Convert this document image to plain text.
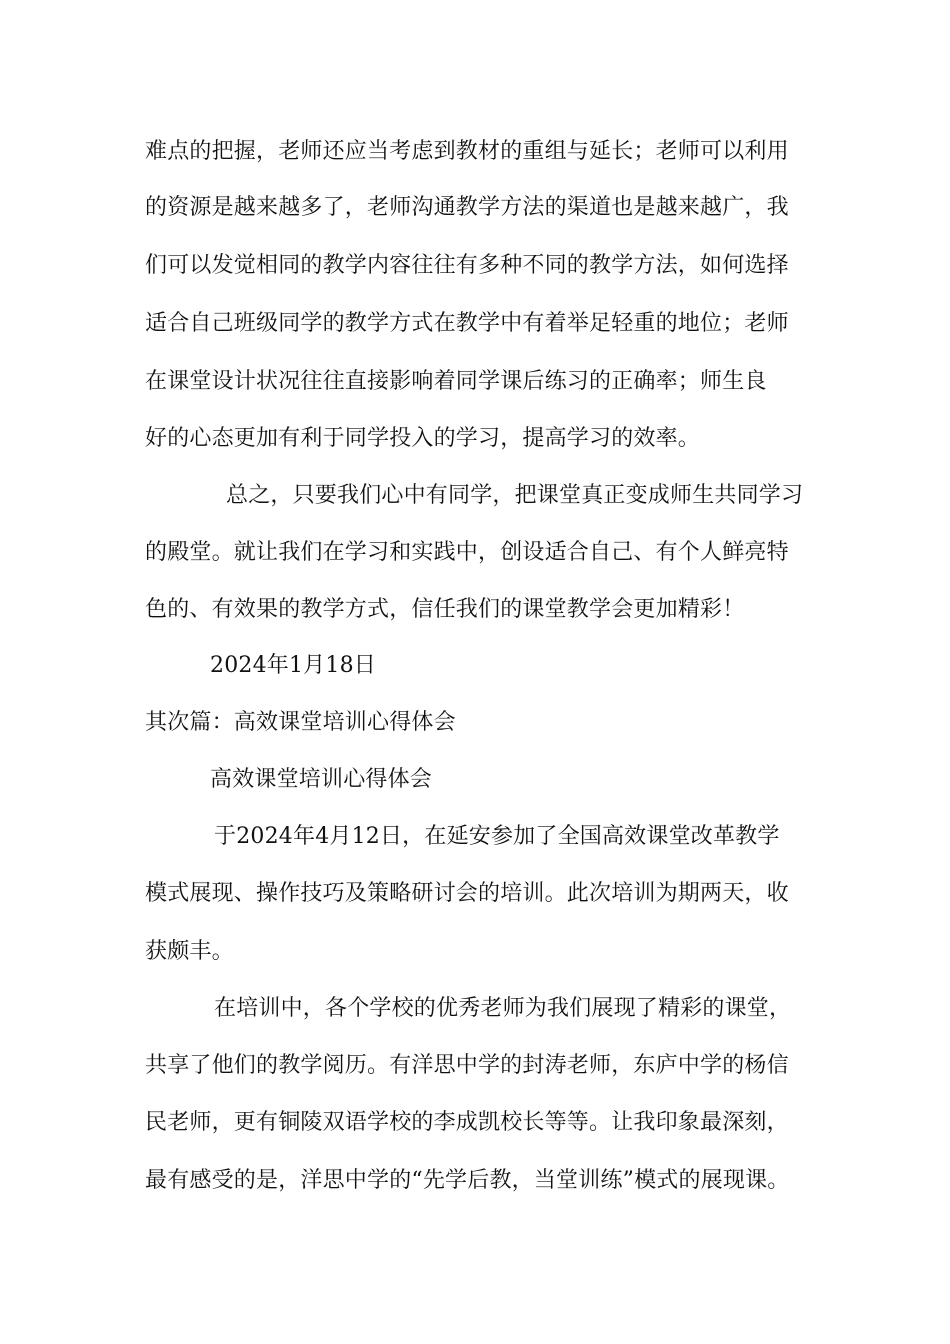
难点的把握，老师还应当考虑到教材的重组与延长；老师可以利用
的资源是越来越多了，老师沟通教学方法的渠道也是越来越广，我
们可以发觉相同的教学内容往往有多种不同的教学方法，如何选择
适合自己班级同学的教学方式在教学中有着举足轻重的地位；老师
在课堂设计状况往往直接影响着同学课后练习的正确率；师生良
好的心态更加有利于同学投入的学习，提高学习的效率。
总之，只要我们心中有同学，把课堂真正变成师生共同学习
的殿堂。就让我们在学习和实践中，创设适合自己、有个人鲜亮特
色的、有效果的教学方式，信任我们的课堂教学会更加精彩！
2024年1月18日
其次篇：高效课堂培训心得体会
高效课堂培训心得体会
于2024年4月12日，在延安参加了全国高效课堂改革教学
模式展现、操作技巧及策略研讨会的培训。此次培训为期两天，收
获颇丰。
在培训中，各个学校的优秀老师为我们展现了精彩的课堂，
共享了他们的教学阅历。有洋思中学的封涛老师，东庐中学的杨信
民老师，更有铜陵双语学校的李成凯校长等等。让我印象最深刻，
最有感受的是，洋思中学的“先学后教，当堂训练”模式的展现课。
